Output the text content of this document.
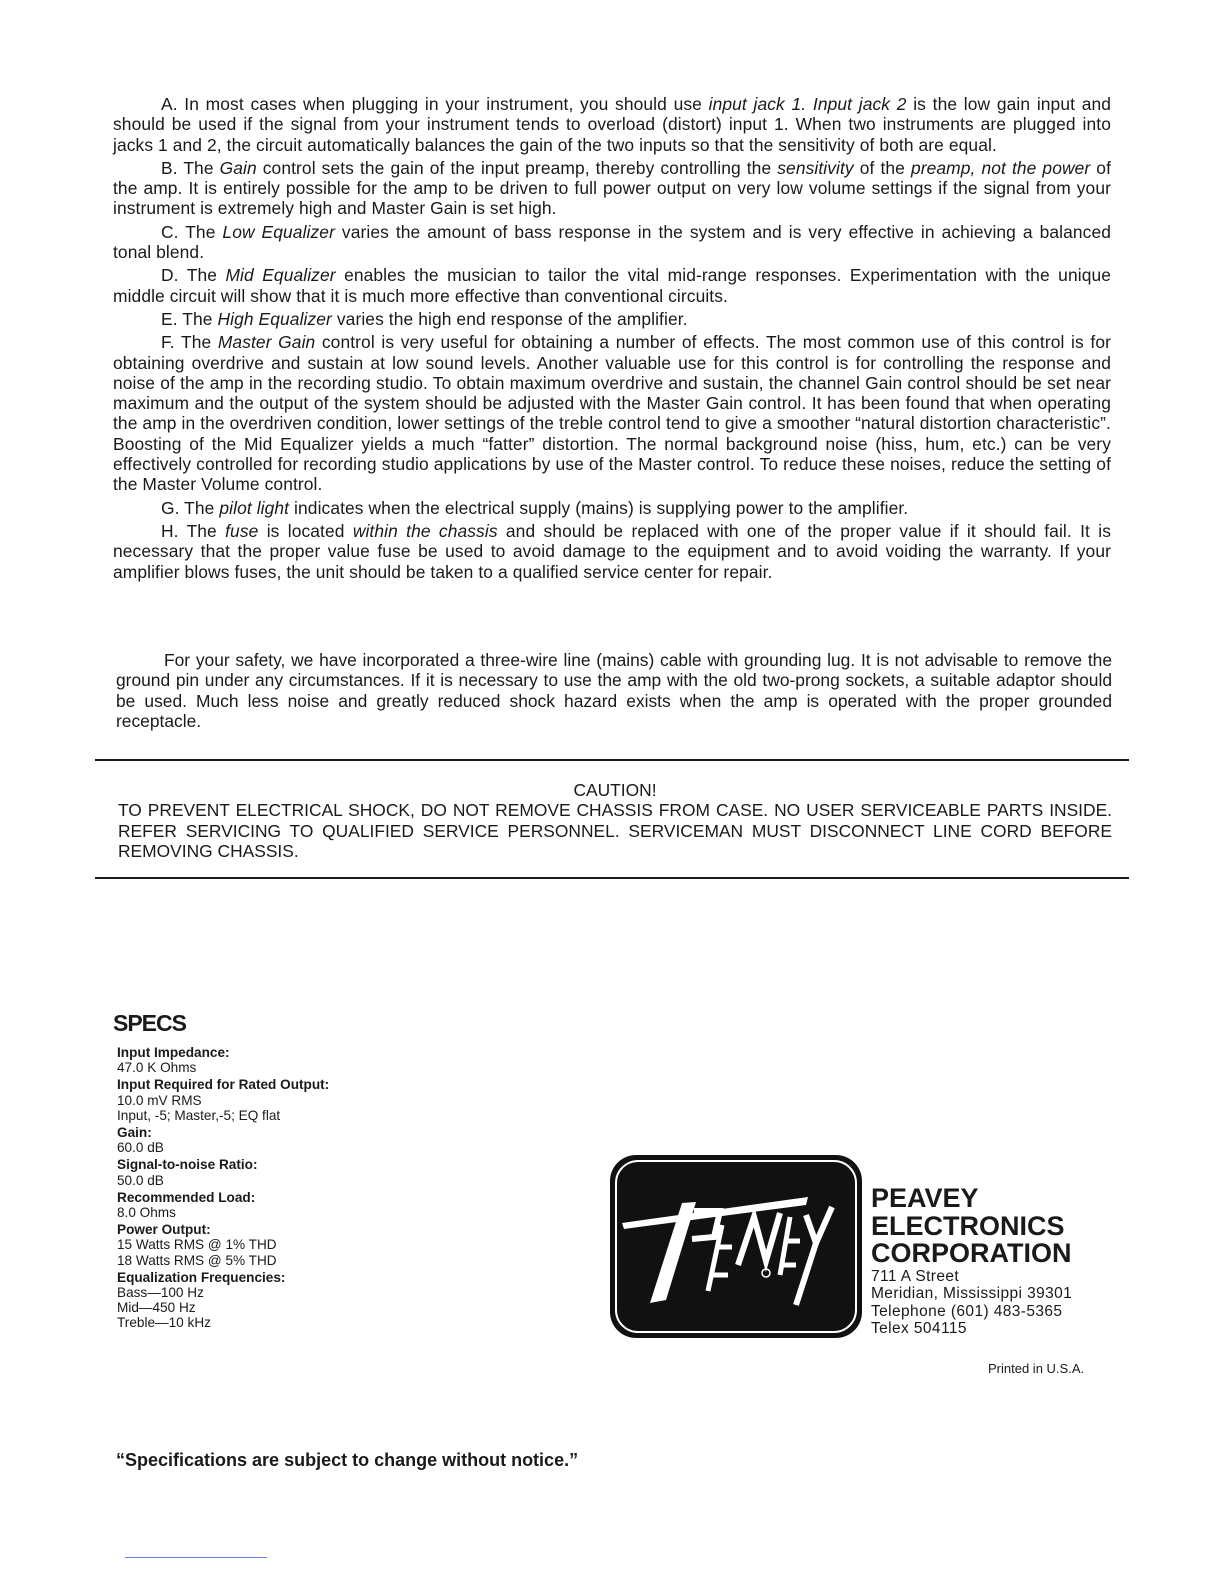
A. In most cases when plugging in your instrument, you should use input jack 1. Input jack 2 is the low gain input and should be used if the signal from your instrument tends to overload (distort) input 1. When two instruments are plugged into jacks 1 and 2, the circuit automatically balances the gain of the two inputs so that the sensitivity of both are equal.

B. The Gain control sets the gain of the input preamp, thereby controlling the sensitivity of the preamp, not the power of the amp. It is entirely possible for the amp to be driven to full power output on very low volume settings if the signal from your instrument is extremely high and Master Gain is set high.

C. The Low Equalizer varies the amount of bass response in the system and is very effective in achieving a balanced tonal blend.

D. The Mid Equalizer enables the musician to tailor the vital mid-range responses. Experimentation with the unique middle circuit will show that it is much more effective than conventional circuits.

E. The High Equalizer varies the high end response of the amplifier.

F. The Master Gain control is very useful for obtaining a number of effects. The most common use of this control is for obtaining overdrive and sustain at low sound levels. Another valuable use for this control is for controlling the response and noise of the amp in the recording studio. To obtain maximum overdrive and sustain, the channel Gain control should be set near maximum and the output of the system should be adjusted with the Master Gain control. It has been found that when operating the amp in the overdriven condition, lower settings of the treble control tend to give a smoother “natural distortion characteristic”. Boosting of the Mid Equalizer yields a much “fatter” distortion. The normal background noise (hiss, hum, etc.) can be very effectively controlled for recording studio applications by use of the Master control. To reduce these noises, reduce the setting of the Master Volume control.

G. The pilot light indicates when the electrical supply (mains) is supplying power to the amplifier.

H. The fuse is located within the chassis and should be replaced with one of the proper value if it should fail. It is necessary that the proper value fuse be used to avoid damage to the equipment and to avoid voiding the warranty. If your amplifier blows fuses, the unit should be taken to a qualified service center for repair.

For your safety, we have incorporated a three-wire line (mains) cable with grounding lug. It is not advisable to remove the ground pin under any circumstances. If it is necessary to use the amp with the old two-prong sockets, a suitable adaptor should be used. Much less noise and greatly reduced shock hazard exists when the amp is operated with the proper grounded receptacle.

CAUTION!
TO PREVENT ELECTRICAL SHOCK, DO NOT REMOVE CHASSIS FROM CASE. NO USER SERVICEABLE PARTS INSIDE. REFER SERVICING TO QUALIFIED SERVICE PERSONNEL. SERVICEMAN MUST DISCONNECT LINE CORD BEFORE REMOVING CHASSIS.
SPECS
Input Impedance:
47.0 K Ohms
Input Required for Rated Output:
10.0 mV RMS
Input, -5; Master,-5; EQ flat
Gain:
60.0 dB
Signal-to-noise Ratio:
50.0 dB
Recommended Load:
8.0 Ohms
Power Output:
15 Watts RMS @ 1% THD
18 Watts RMS @ 5% THD
Equalization Frequencies:
Bass—100 Hz
Mid—450 Hz
Treble—10 kHz
PEAVEY
ELECTRONICS
CORPORATION
711 A Street
Meridian, Mississippi 39301
Telephone (601) 483-5365
Telex 504115
Printed in U.S.A.
“Specifications are subject to change without notice.”
